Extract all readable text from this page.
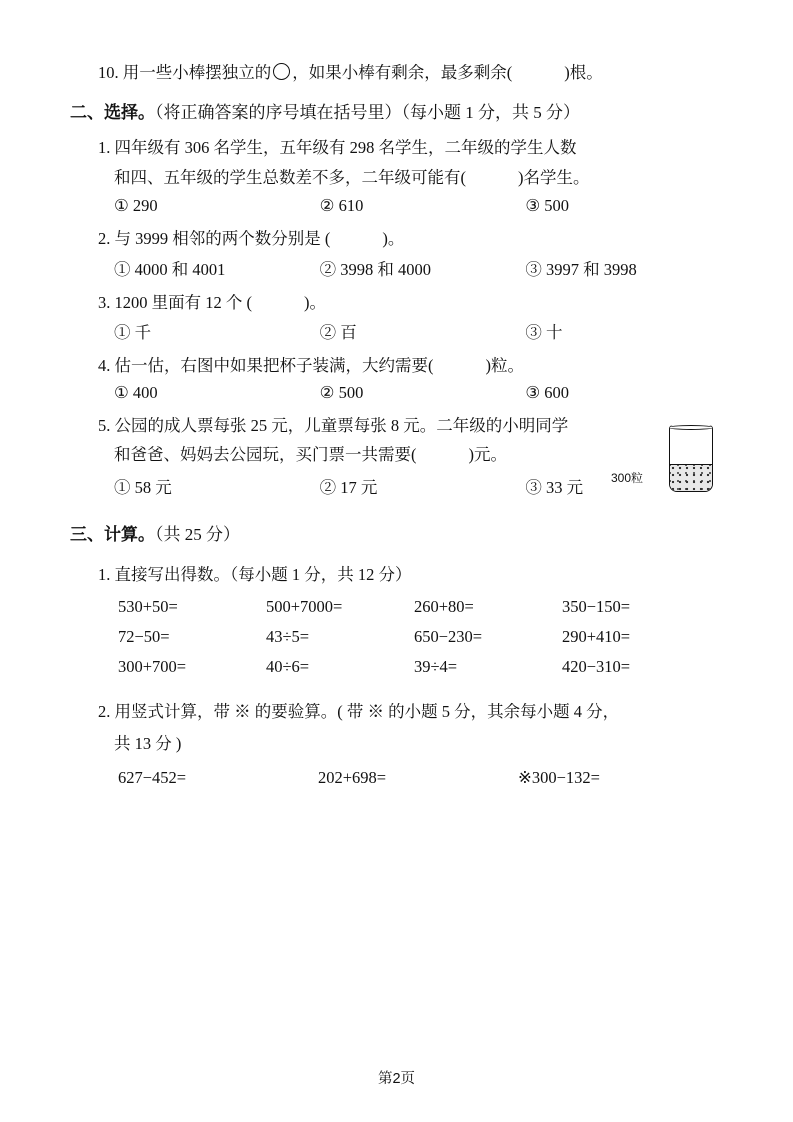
10. 用一些小棒摆独立的 ，如果小棒有剩余，最多剩余(	)根。
二、选择。（将正确答案的序号填在括号里）（每小题 1 分，共 5 分）
1. 四年级有 306 名学生，五年级有 298 名学生，二年级的学生人数
和四、五年级的学生总数差不多，二年级可能有(	)名学生。
① 290	② 610	③ 500
2. 与 3999 相邻的两个数分别是 (	)。
① 4000 和 4001	② 3998 和 4000	③ 3997 和 3998
3. 1200 里面有 12 个 (	)。
① 千	② 百	③ 十
4. 估一估，右图中如果把杯子装满，大约需要(	)粒。
① 400	② 500	③ 600
5. 公园的成人票每张 25 元，儿童票每张 8 元。二年级的小明同学
和爸爸、妈妈去公园玩，买门票一共需要(	)元。
① 58 元	② 17 元	③ 33 元
三、计算。（共 25 分）
1. 直接写出得数。（每小题 1 分，共 12 分）
530+50=	500+7000=	260+80=	350−150=
72−50=	43÷5=	650−230=	290+410=
300+700=	40÷6=	39÷4=	420−310=
2. 用竖式计算，带 ※ 的要验算。( 带 ※ 的小题 5 分，其余每小题 4 分，
共 13 分 )
627−452=	202+698=	※300−132=
300粒
第2页
